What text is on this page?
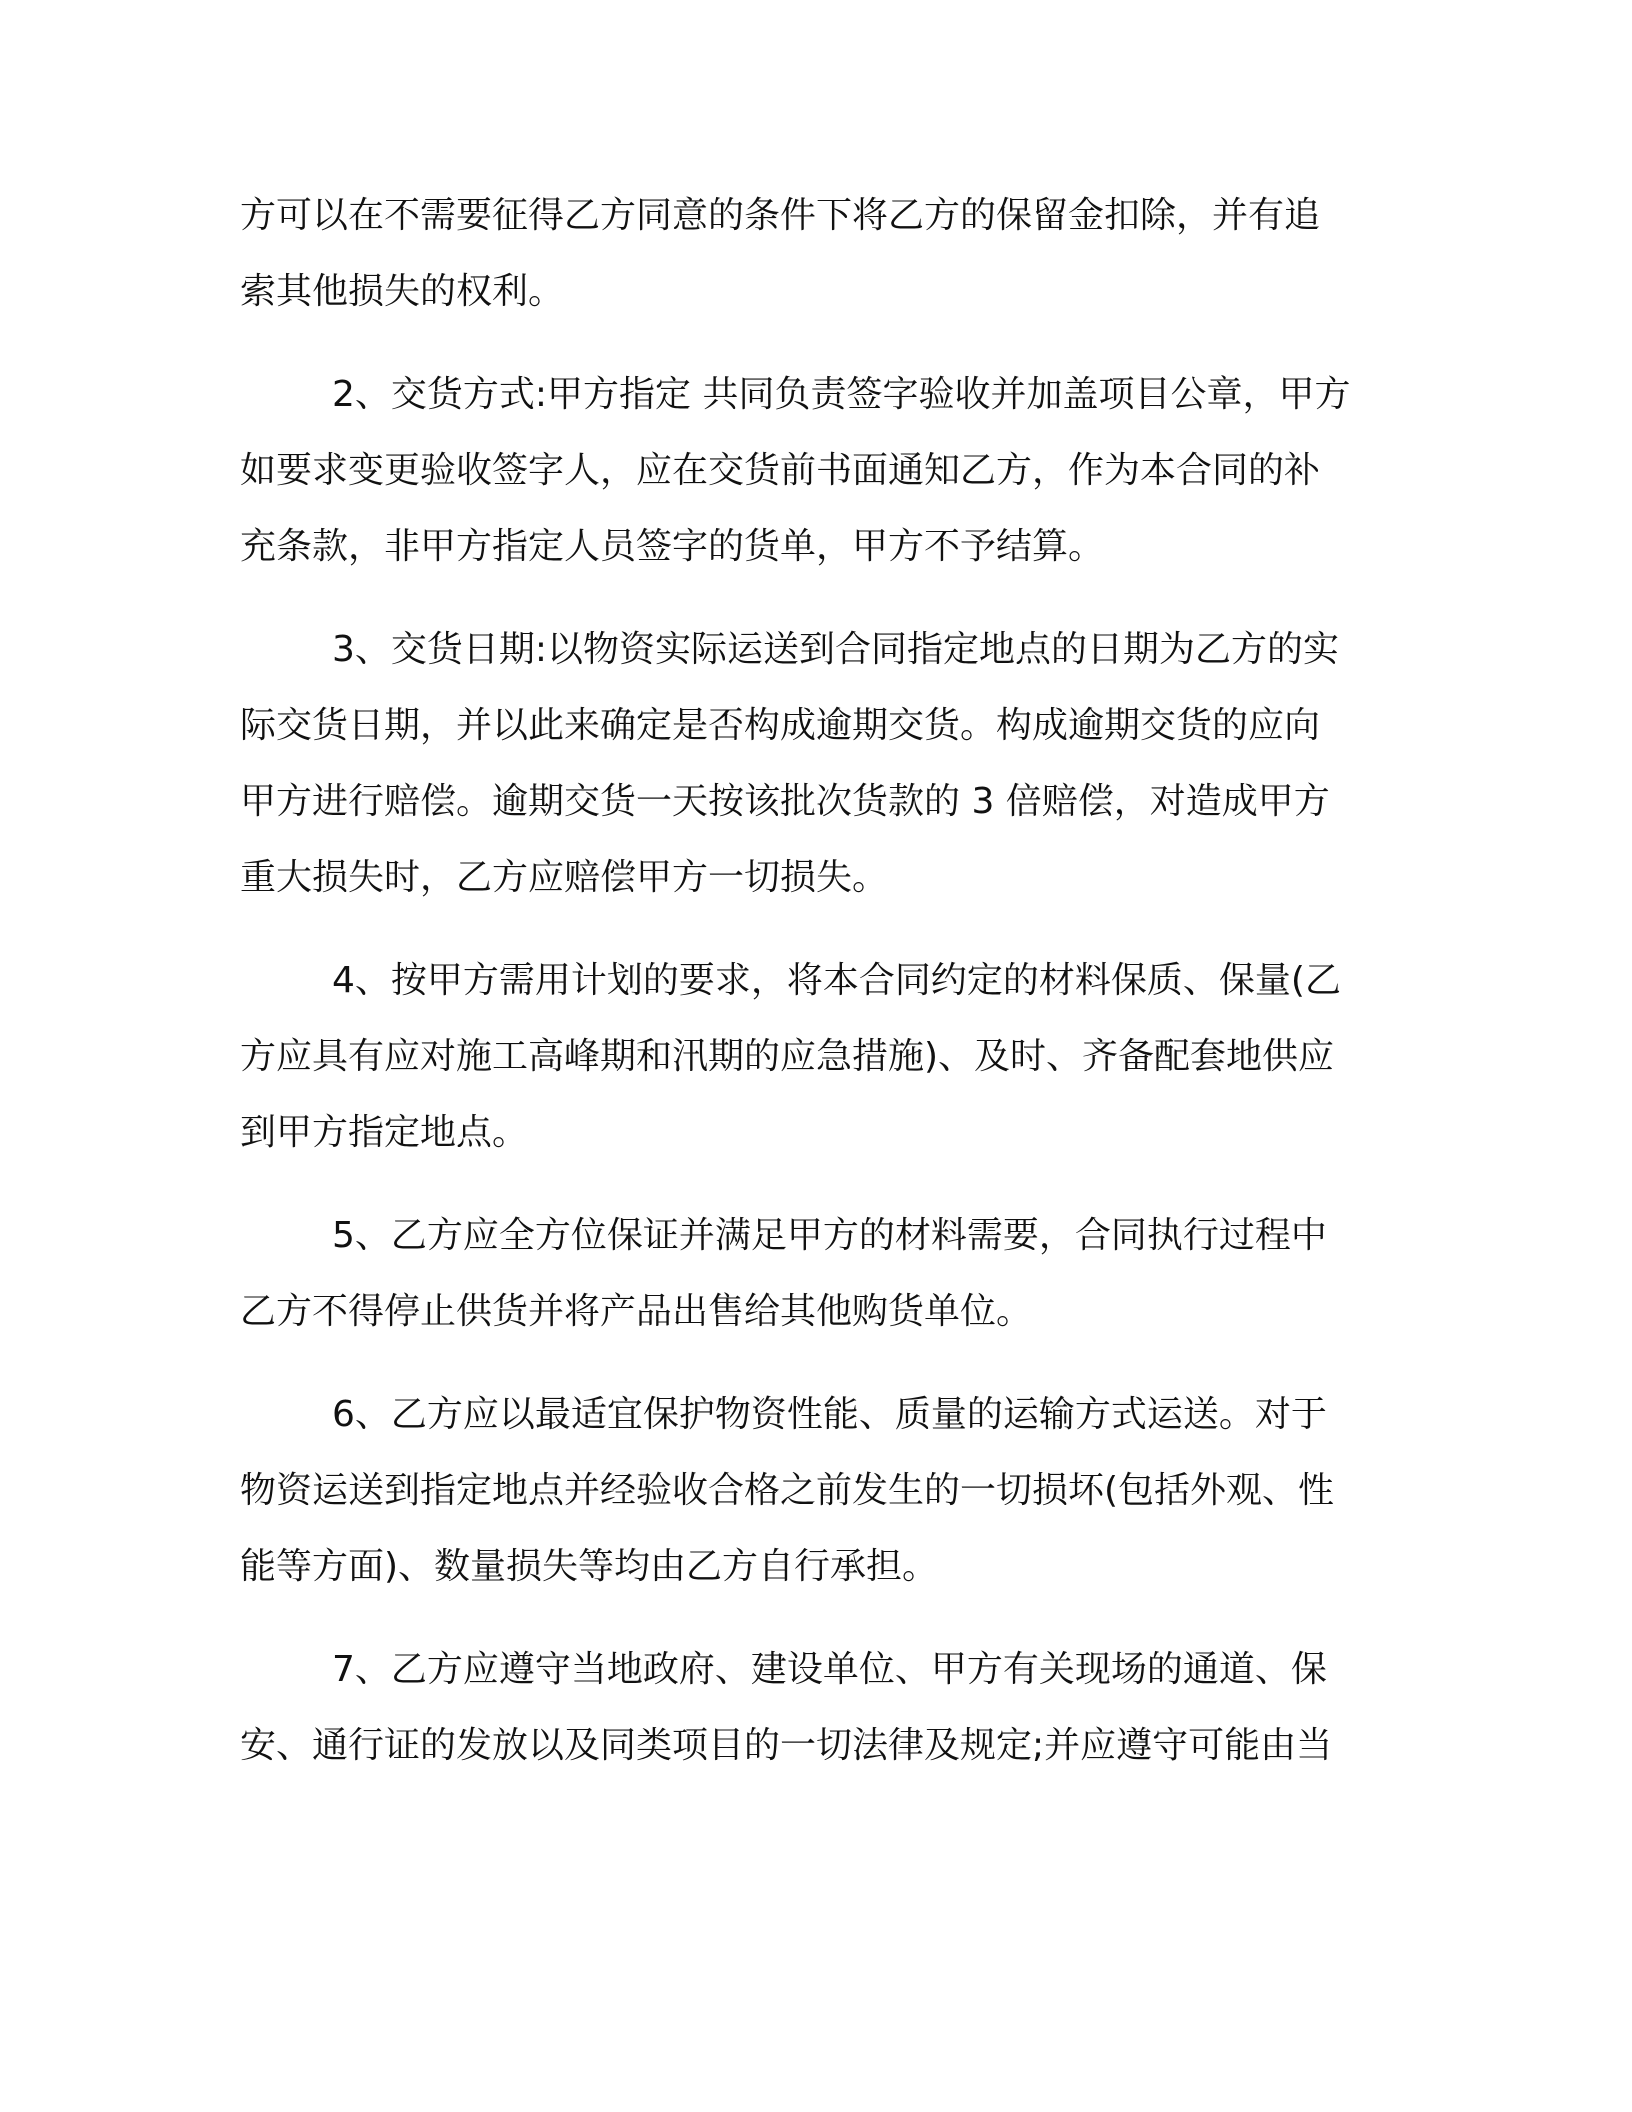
方可以在不需要征得乙方同意的条件下将乙方的保留金扣除，并有追
索其他损失的权利。
2、交货方式:甲方指定 共同负责签字验收并加盖项目公章，甲方
如要求变更验收签字人，应在交货前书面通知乙方，作为本合同的补
充条款，非甲方指定人员签字的货单，甲方不予结算。
3、交货日期:以物资实际运送到合同指定地点的日期为乙方的实
际交货日期，并以此来确定是否构成逾期交货。构成逾期交货的应向
甲方进行赔偿。逾期交货一天按该批次货款的 3 倍赔偿，对造成甲方
重大损失时，乙方应赔偿甲方一切损失。
4、按甲方需用计划的要求，将本合同约定的材料保质、保量(乙
方应具有应对施工高峰期和汛期的应急措施)、及时、齐备配套地供应
到甲方指定地点。
5、乙方应全方位保证并满足甲方的材料需要，合同执行过程中
乙方不得停止供货并将产品出售给其他购货单位。
6、乙方应以最适宜保护物资性能、质量的运输方式运送。对于
物资运送到指定地点并经验收合格之前发生的一切损坏(包括外观、性
能等方面)、数量损失等均由乙方自行承担。
7、乙方应遵守当地政府、建设单位、甲方有关现场的通道、保
安、通行证的发放以及同类项目的一切法律及规定;并应遵守可能由当
